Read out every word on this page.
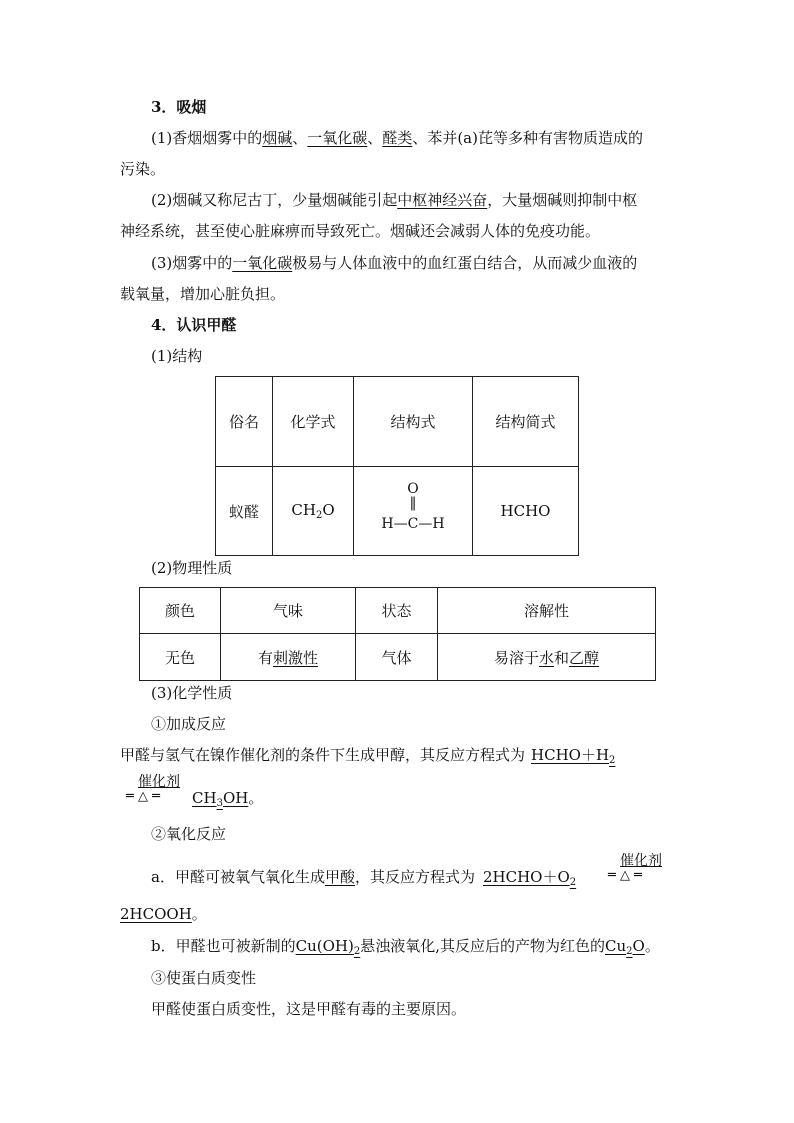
3．吸烟
(1)香烟烟雾中的烟碱、一氧化碳、醛类、苯并(a)芘等多种有害物质造成的
污染。
(2)烟碱又称尼古丁，少量烟碱能引起中枢神经兴奋，大量烟碱则抑制中枢
神经系统，甚至使心脏麻痹而导致死亡。烟碱还会减弱人体的免疫功能。
(3)烟雾中的一氧化碳极易与人体血液中的血红蛋白结合，从而减少血液的
载氧量，增加心脏负担。
4．认识甲醛
(1)结构
俗名	化学式	结构式	结构简式
蚁醛	$CH_2O$	O
‖
H—C—H	HCHO
(2)物理性质
颜色	气味	状态	溶解性
无色	有刺激性	气体	易溶于水和乙醇
(3)化学性质
①加成反应
甲醛与氢气在镍作催化剂的条件下生成甲醇，其反应方程式为 $HCHO+H_2$
催化剂
═ △ ═	$CH_3OH$。
②氧化反应
a．甲醛可被氧气氧化生成甲酸，其反应方程式为 $2HCHO+O_2$
催化剂
═ △ ═
2HCOOH。
b．甲醛也可被新制的$Cu(OH)_2$悬浊液氧化,其反应后的产物为红色的$Cu_2O$。
③使蛋白质变性
甲醛使蛋白质变性，这是甲醛有毒的主要原因。
